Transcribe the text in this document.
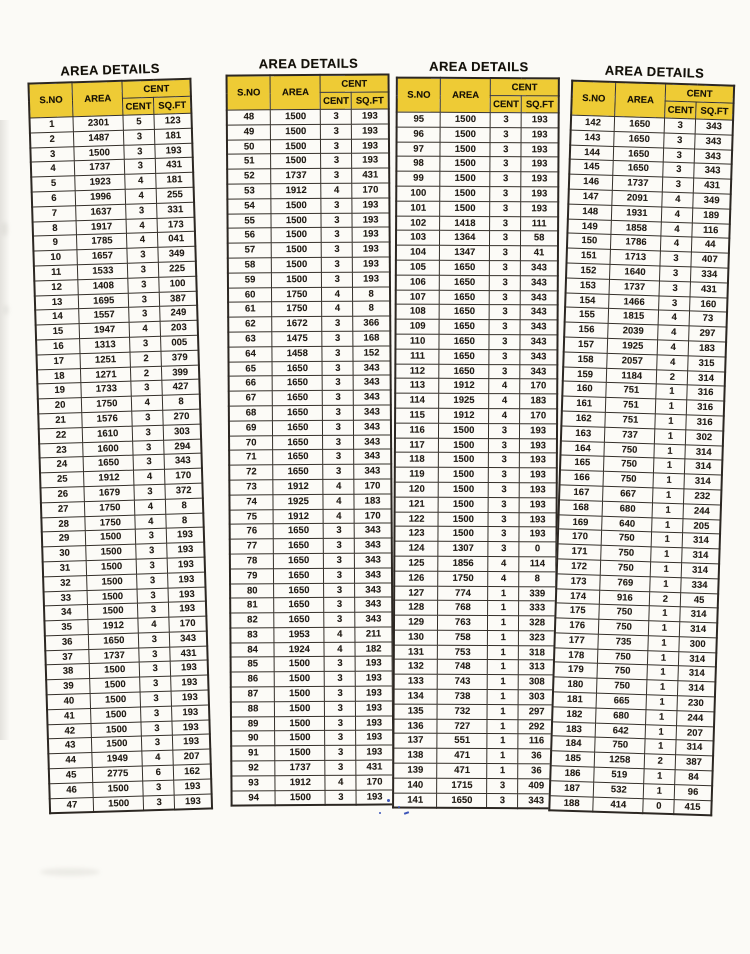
AREA DETAILS
S.NO	AREA	CENT	
		CENT	SQ.FT
1	2301	5	123
2	1487	3	181
3	1500	3	193
4	1737	3	431
5	1923	4	181
6	1996	4	255
7	1637	3	331
8	1917	4	173
9	1785	4	041
10	1657	3	349
11	1533	3	225
12	1408	3	100
13	1695	3	387
14	1557	3	249
15	1947	4	203
16	1313	3	005
17	1251	2	379
18	1271	2	399
19	1733	3	427
20	1750	4	8
21	1576	3	270
22	1610	3	303
23	1600	3	294
24	1650	3	343
25	1912	4	170
26	1679	3	372
27	1750	4	8
28	1750	4	8
29	1500	3	193
30	1500	3	193
31	1500	3	193
32	1500	3	193
33	1500	3	193
34	1500	3	193
35	1912	4	170
36	1650	3	343
37	1737	3	431
38	1500	3	193
39	1500	3	193
40	1500	3	193
41	1500	3	193
42	1500	3	193
43	1500	3	193
44	1949	4	207
45	2775	6	162
46	1500	3	193
47	1500	3	193
AREA DETAILS
S.NO	AREA	CENT	
		CENT	SQ.FT
48	1500	3	193
49	1500	3	193
50	1500	3	193
51	1500	3	193
52	1737	3	431
53	1912	4	170
54	1500	3	193
55	1500	3	193
56	1500	3	193
57	1500	3	193
58	1500	3	193
59	1500	3	193
60	1750	4	8
61	1750	4	8
62	1672	3	366
63	1475	3	168
64	1458	3	152
65	1650	3	343
66	1650	3	343
67	1650	3	343
68	1650	3	343
69	1650	3	343
70	1650	3	343
71	1650	3	343
72	1650	3	343
73	1912	4	170
74	1925	4	183
75	1912	4	170
76	1650	3	343
77	1650	3	343
78	1650	3	343
79	1650	3	343
80	1650	3	343
81	1650	3	343
82	1650	3	343
83	1953	4	211
84	1924	4	182
85	1500	3	193
86	1500	3	193
87	1500	3	193
88	1500	3	193
89	1500	3	193
90	1500	3	193
91	1500	3	193
92	1737	3	431
93	1912	4	170
94	1500	3	193
AREA DETAILS
S.NO	AREA	CENT	
		CENT	SQ.FT
95	1500	3	193
96	1500	3	193
97	1500	3	193
98	1500	3	193
99	1500	3	193
100	1500	3	193
101	1500	3	193
102	1418	3	111
103	1364	3	58
104	1347	3	41
105	1650	3	343
106	1650	3	343
107	1650	3	343
108	1650	3	343
109	1650	3	343
110	1650	3	343
111	1650	3	343
112	1650	3	343
113	1912	4	170
114	1925	4	183
115	1912	4	170
116	1500	3	193
117	1500	3	193
118	1500	3	193
119	1500	3	193
120	1500	3	193
121	1500	3	193
122	1500	3	193
123	1500	3	193
124	1307	3	0
125	1856	4	114
126	1750	4	8
127	774	1	339
128	768	1	333
129	763	1	328
130	758	1	323
131	753	1	318
132	748	1	313
133	743	1	308
134	738	1	303
135	732	1	297
136	727	1	292
137	551	1	116
138	471	1	36
139	471	1	36
140	1715	3	409
141	1650	3	343
AREA DETAILS
S.NO	AREA	CENT	
		CENT	SQ.FT
142	1650	3	343
143	1650	3	343
144	1650	3	343
145	1650	3	343
146	1737	3	431
147	2091	4	349
148	1931	4	189
149	1858	4	116
150	1786	4	44
151	1713	3	407
152	1640	3	334
153	1737	3	431
154	1466	3	160
155	1815	4	73
156	2039	4	297
157	1925	4	183
158	2057	4	315
159	1184	2	314
160	751	1	316
161	751	1	316
162	751	1	316
163	737	1	302
164	750	1	314
165	750	1	314
166	750	1	314
167	667	1	232
168	680	1	244
169	640	1	205
170	750	1	314
171	750	1	314
172	750	1	314
173	769	1	334
174	916	2	45
175	750	1	314
176	750	1	314
177	735	1	300
178	750	1	314
179	750	1	314
180	750	1	314
181	665	1	230
182	680	1	244
183	642	1	207
184	750	1	314
185	1258	2	387
186	519	1	84
187	532	1	96
188	414	0	415
